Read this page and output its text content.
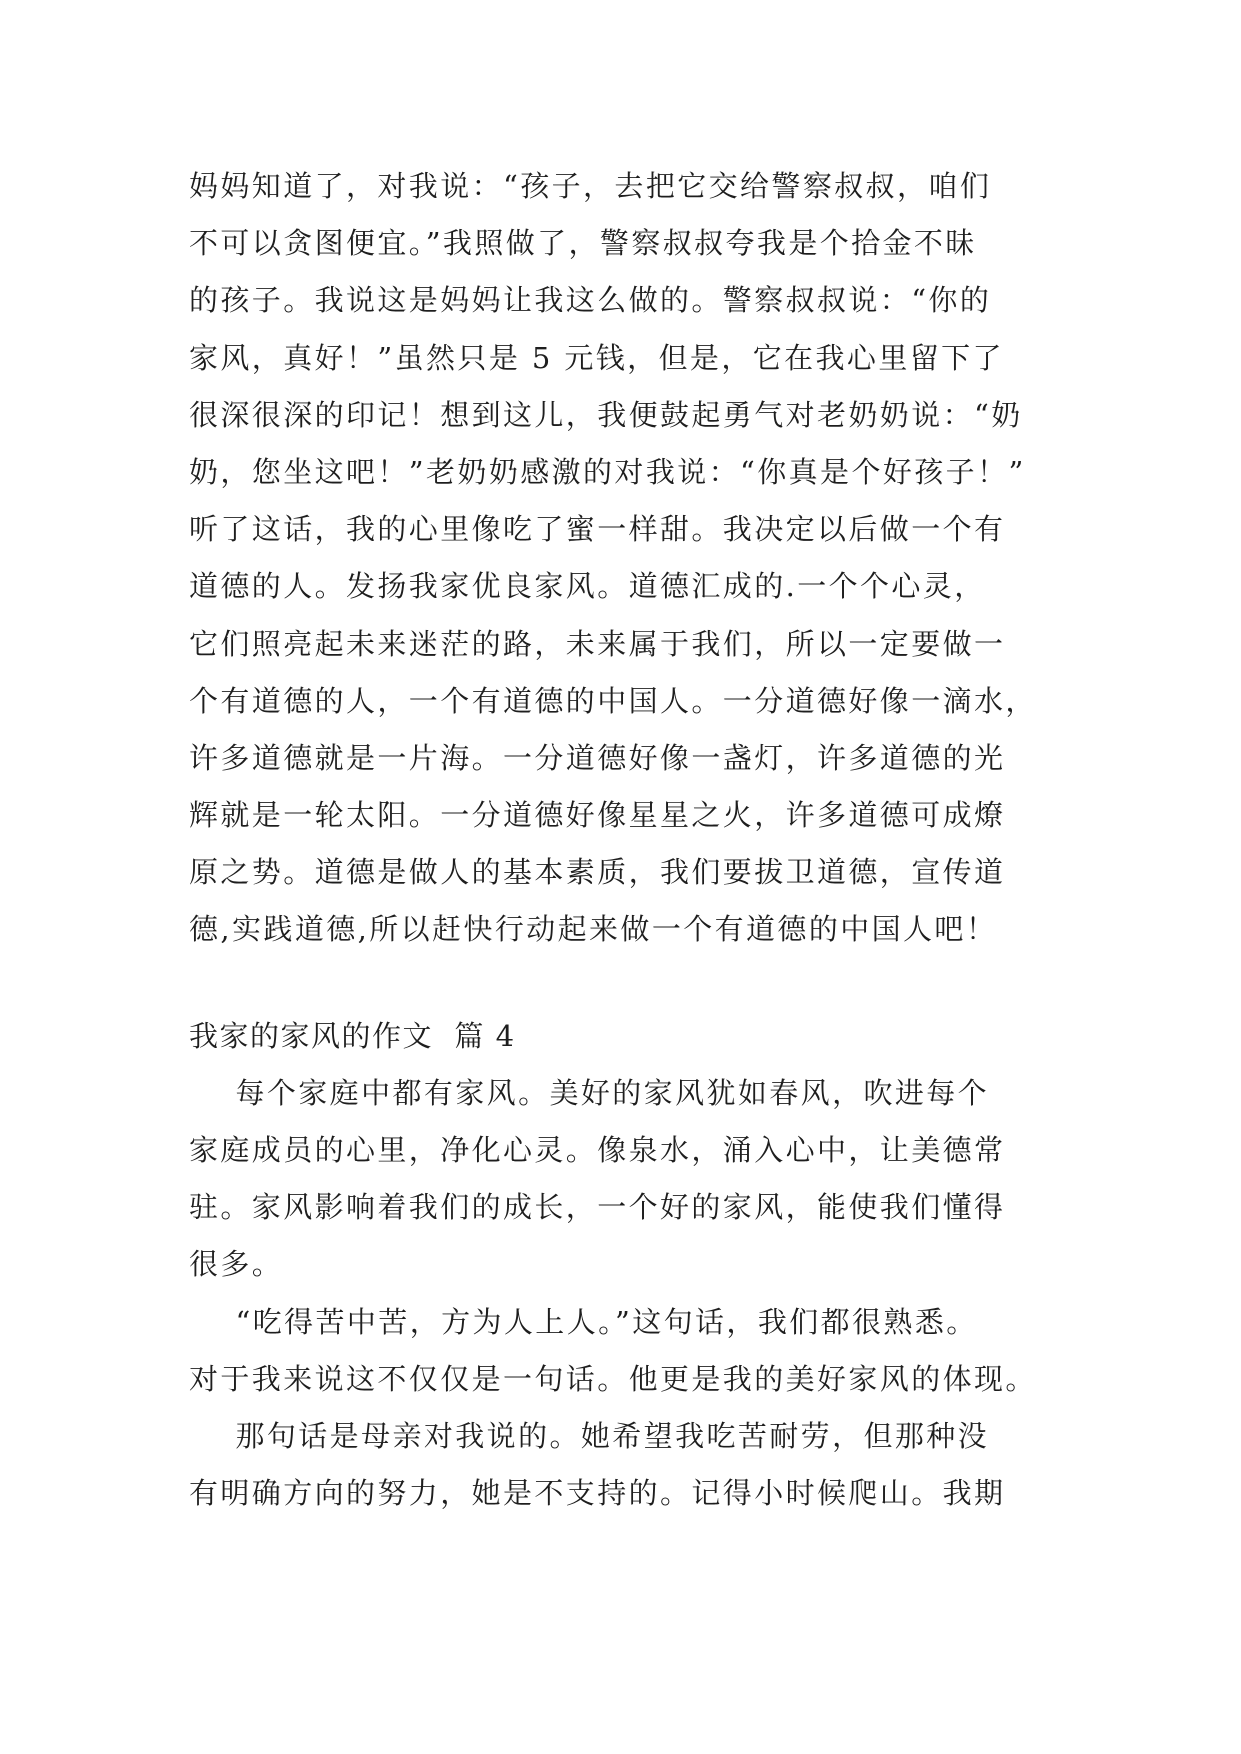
妈妈知道了，对我说：“孩子，去把它交给警察叔叔，咱们
不可以贪图便宜。”我照做了，警察叔叔夸我是个拾金不昧
的孩子。我说这是妈妈让我这么做的。警察叔叔说：“你的
家风，真好！”虽然只是 5 元钱，但是，它在我心里留下了
很深很深的印记！想到这儿，我便鼓起勇气对老奶奶说：“奶
奶，您坐这吧！”老奶奶感激的对我说：“你真是个好孩子！”
听了这话，我的心里像吃了蜜一样甜。我决定以后做一个有
道德的人。发扬我家优良家风。道德汇成的.一个个心灵，
它们照亮起未来迷茫的路，未来属于我们，所以一定要做一
个有道德的人，一个有道德的中国人。一分道德好像一滴水，
许多道德就是一片海。一分道德好像一盏灯，许多道德的光
辉就是一轮太阳。一分道德好像星星之火，许多道德可成燎
原之势。道德是做人的基本素质，我们要拔卫道德，宣传道
德,实践道德,所以赶快行动起来做一个有道德的中国人吧！
我家的家风的作文  篇 4
每个家庭中都有家风。美好的家风犹如春风，吹进每个
家庭成员的心里，净化心灵。像泉水，涌入心中，让美德常
驻。家风影响着我们的成长，一个好的家风，能使我们懂得
很多。
“吃得苦中苦，方为人上人。”这句话，我们都很熟悉。
对于我来说这不仅仅是一句话。他更是我的美好家风的体现。
那句话是母亲对我说的。她希望我吃苦耐劳，但那种没
有明确方向的努力，她是不支持的。记得小时候爬山。我期
